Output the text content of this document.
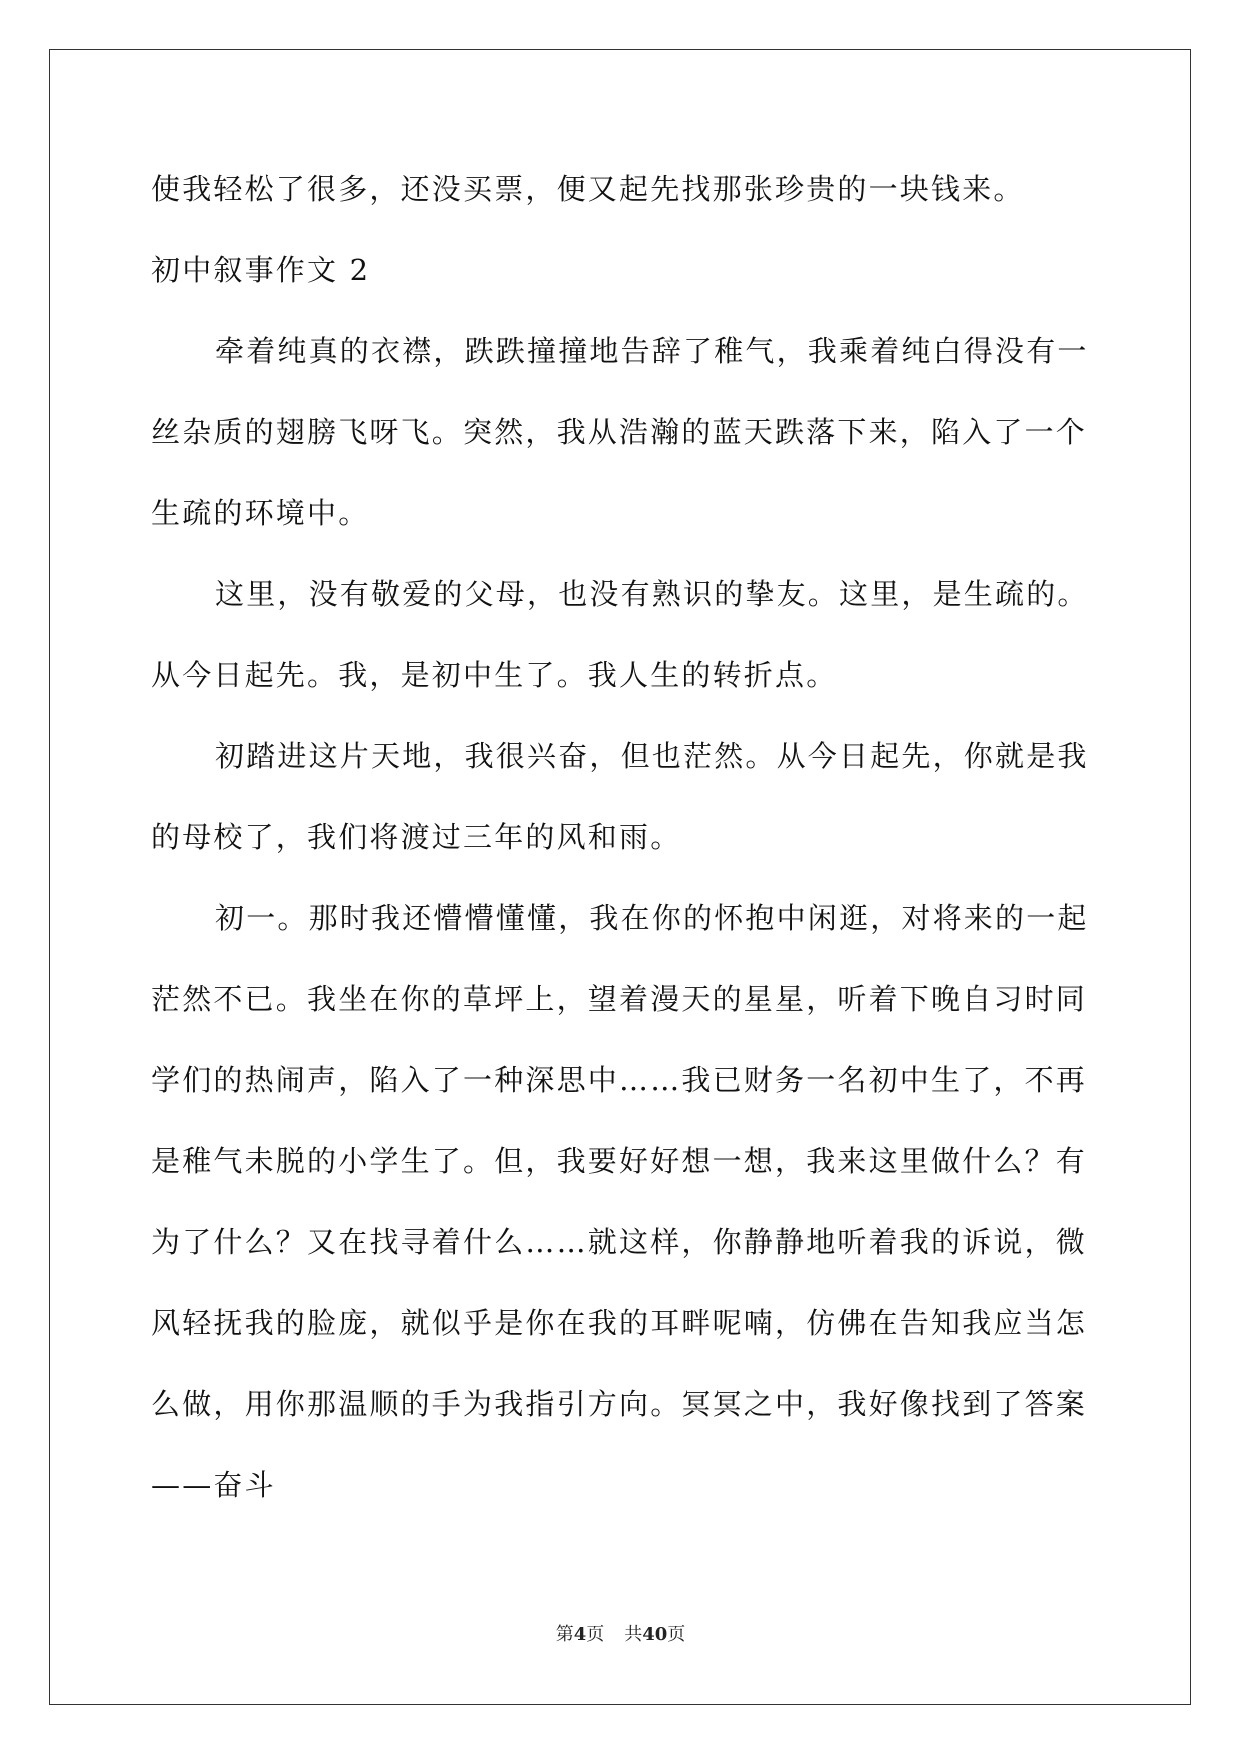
使我轻松了很多，还没买票，便又起先找那张珍贵的一块钱来。
初中叙事作文 2
牵着纯真的衣襟，跌跌撞撞地告辞了稚气，我乘着纯白得没有一
丝杂质的翅膀飞呀飞。突然，我从浩瀚的蓝天跌落下来，陷入了一个
生疏的环境中。
这里，没有敬爱的父母，也没有熟识的挚友。这里，是生疏的。
从今日起先。我，是初中生了。我人生的转折点。
初踏进这片天地，我很兴奋，但也茫然。从今日起先，你就是我
的母校了，我们将渡过三年的风和雨。
初一。那时我还懵懵懂懂，我在你的怀抱中闲逛，对将来的一起
茫然不已。我坐在你的草坪上，望着漫天的星星，听着下晚自习时同
学们的热闹声，陷入了一种深思中……我已财务一名初中生了，不再
是稚气未脱的小学生了。但，我要好好想一想，我来这里做什么？有
为了什么？又在找寻着什么……就这样，你静静地听着我的诉说，微
风轻抚我的脸庞，就似乎是你在我的耳畔呢喃，仿佛在告知我应当怎
么做，用你那温顺的手为我指引方向。冥冥之中，我好像找到了答案
——奋斗
第4页 共40页
